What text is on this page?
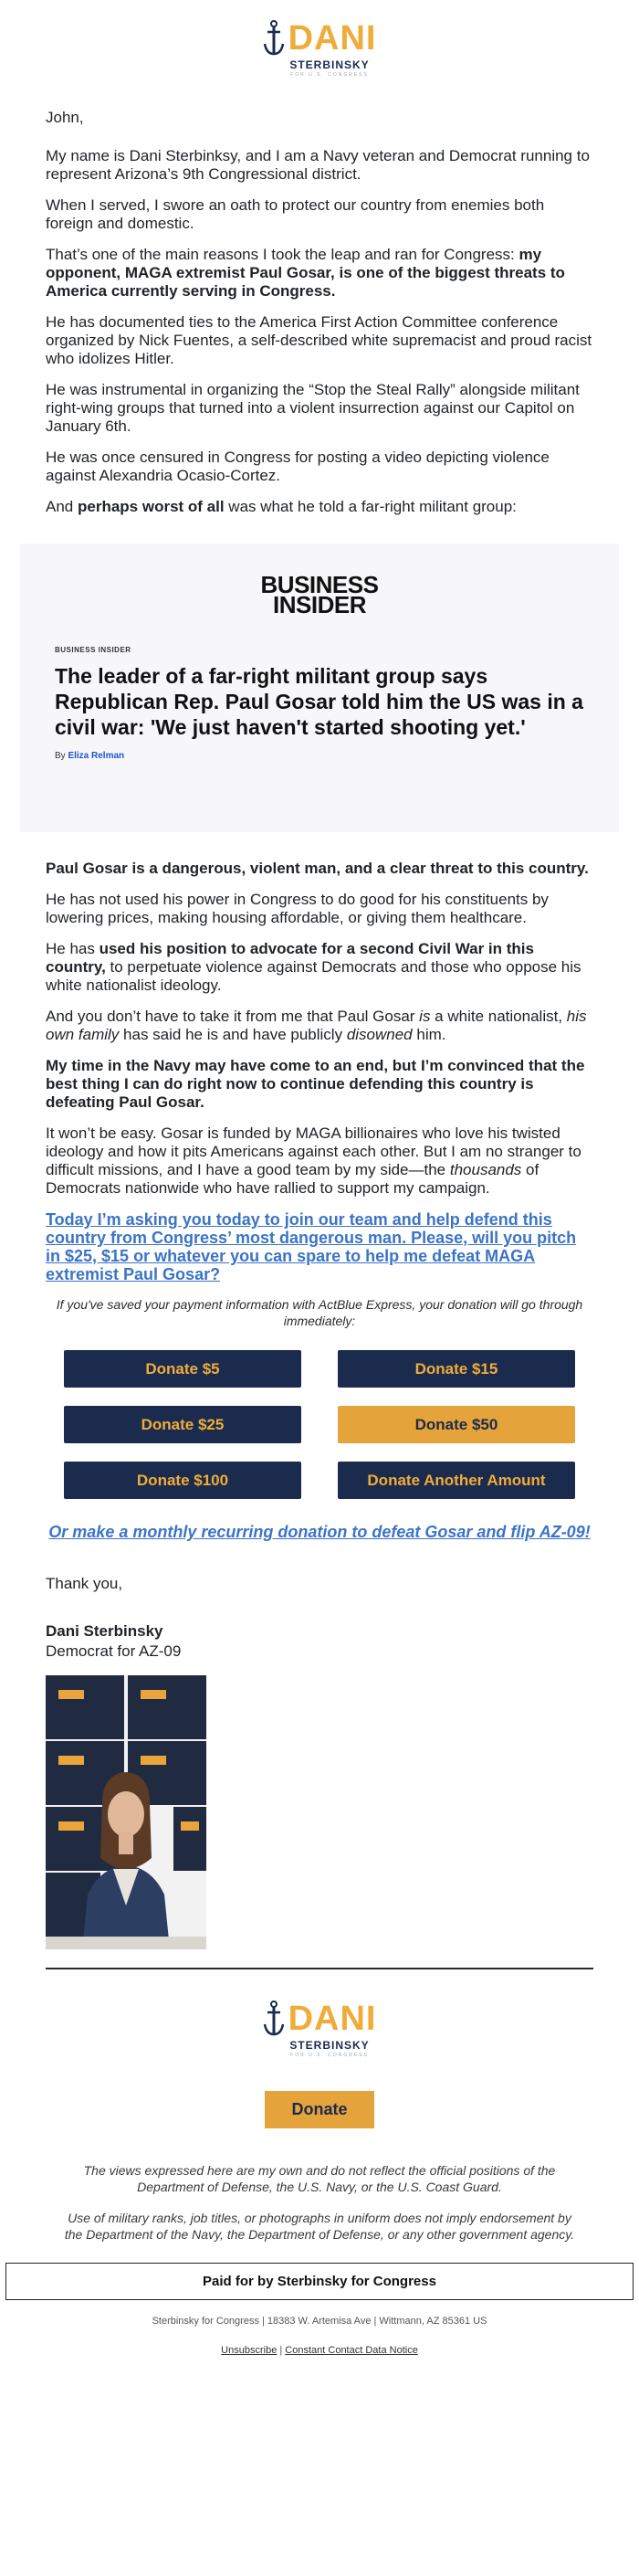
DANI
STERBINSKY
FOR U.S. CONGRESS

John,

My name is Dani Sterbinksy, and I am a Navy veteran and Democrat running to represent Arizona’s 9th Congressional district.

When I served, I swore an oath to protect our country from enemies both foreign and domestic.

That’s one of the main reasons I took the leap and ran for Congress: my opponent, MAGA extremist Paul Gosar, is one of the biggest threats to America currently serving in Congress.

He has documented ties to the America First Action Committee conference organized by Nick Fuentes, a self-described white supremacist and proud racist who idolizes Hitler.

He was instrumental in organizing the “Stop the Steal Rally” alongside militant right-wing groups that turned into a violent insurrection against our Capitol on January 6th.

He was once censured in Congress for posting a video depicting violence against Alexandria Ocasio-Cortez.

And perhaps worst of all was what he told a far-right militant group:

BUSINESS
INSIDER
BUSINESS INSIDER
The leader of a far-right militant group says Republican Rep. Paul Gosar told him the US was in a civil war: 'We just haven't started shooting yet.'
By Eliza Relman

Paul Gosar is a dangerous, violent man, and a clear threat to this country.

He has not used his power in Congress to do good for his constituents by lowering prices, making housing affordable, or giving them healthcare.

He has used his position to advocate for a second Civil War in this country, to perpetuate violence against Democrats and those who oppose his white nationalist ideology.

And you don’t have to take it from me that Paul Gosar is a white nationalist, his own family has said he is and have publicly disowned him.

My time in the Navy may have come to an end, but I’m convinced that the best thing I can do right now to continue defending this country is defeating Paul Gosar.

It won’t be easy. Gosar is funded by MAGA billionaires who love his twisted ideology and how it pits Americans against each other. But I am no stranger to difficult missions, and I have a good team by my side—the thousands of Democrats nationwide who have rallied to support my campaign.

Today I’m asking you today to join our team and help defend this country from Congress’ most dangerous man. Please, will you pitch in $25, $15 or whatever you can spare to help me defeat MAGA extremist Paul Gosar?
If you've saved your payment information with ActBlue Express, your donation will go through immediately:
Donate $5	Donate $15
Donate $25	Donate $50
Donate $100	Donate Another Amount
Or make a monthly recurring donation to defeat Gosar and flip AZ-09!
Thank you,
Dani Sterbinsky
Democrat for AZ-09
DANI
STERBINSKY
FOR U.S. CONGRESS
Donate

The views expressed here are my own and do not reflect the official positions of the Department of Defense, the U.S. Navy, or the U.S. Coast Guard.

Use of military ranks, job titles, or photographs in uniform does not imply endorsement by the Department of the Navy, the Department of Defense, or any other government agency.

Paid for by Sterbinsky for Congress
Sterbinsky for Congress | 18383 W. Artemisa Ave | Wittmann, AZ 85361 US
Unsubscribe | Constant Contact Data Notice
